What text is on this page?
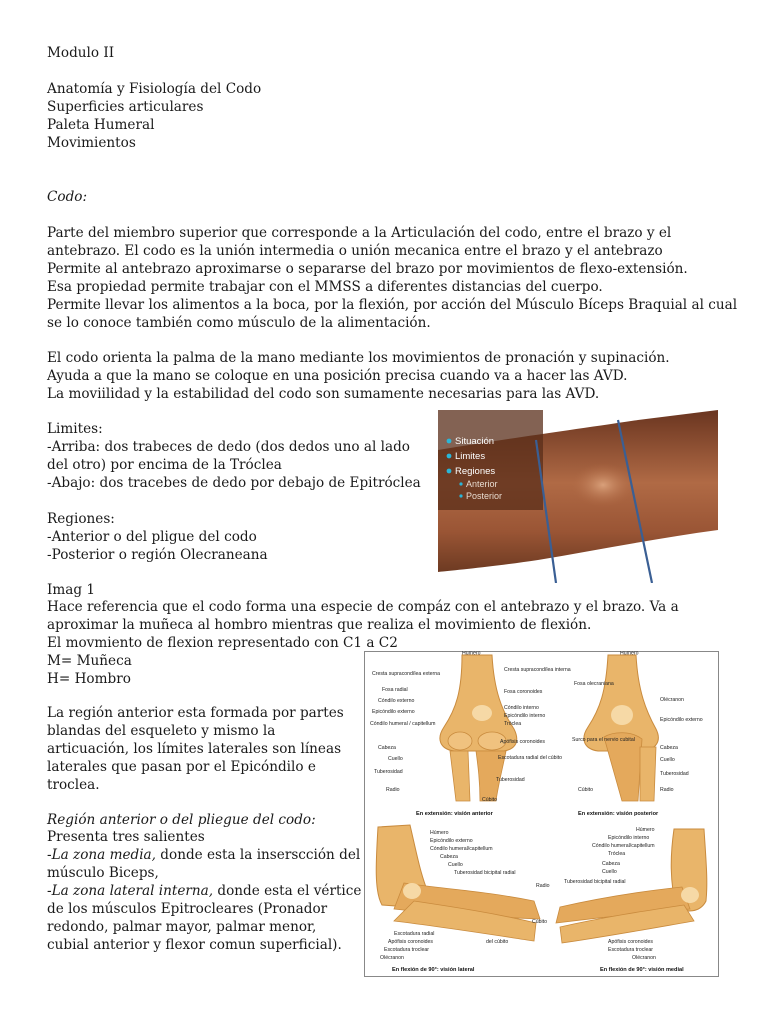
Modulo II
Anatomía y Fisiología del Codo
Superficies articulares
Paleta Humeral
Movimientos
Codo:
Parte del miembro superior que corresponde a la Articulación del codo, entre el brazo y el
antebrazo. El codo es la unión intermedia o unión mecanica entre el brazo y el antebrazo
Permite al antebrazo aproximarse o separarse del brazo por movimientos de flexo-extensión.
Esa propiedad permite trabajar con el MMSS a diferentes distancias del cuerpo.
Permite llevar los alimentos a la boca, por la flexión, por acción del Músculo Bíceps Braquial al cual
se lo conoce también como músculo de la alimentación.
El codo orienta la palma de la mano mediante los movimientos de pronación y supinación.
Ayuda a que la mano se coloque en una posición precisa cuando va a hacer las AVD.
La moviilidad y la estabilidad del codo son sumamente necesarias para las AVD.
Limites:
-Arriba: dos trabeces de dedo (dos dedos uno al lado
del otro) por encima de la Tróclea
-Abajo: dos tracebes de dedo por debajo de Epitróclea
Regiones:
-Anterior o del pligue del codo
-Posterior o región Olecraneana
Imag 1
Hace referencia que el codo forma una especie de compáz con el antebrazo y el brazo. Va a
aproximar la muñeca al hombro mientras que realiza el movimiento de flexión.
El movmiento de flexion representado con C1 a C2
M= Muñeca
H= Hombro
La región anterior esta formada por partes
blandas del esqueleto y mismo la
articuación, los límites laterales son líneas
laterales que pasan por el Epicóndilo e
troclea.
Región anterior o del pliegue del codo:
Presenta tres salientes
-La zona media, donde esta la inserscción del
músculo Biceps,
-La zona lateral interna, donde esta el vértice
de los músculos Epitrocleares (Pronador
redondo, palmar mayor, palmar menor,
cubial anterior y flexor comun superficial).
Situación
Limites
Regiones
Anterior
Posterior
Húmero
Cresta supracondílea externa
Fosa radial
Cóndilo externo
Epicóndilo externo
Cóndilo humeral / capitellum
Cabeza
Cuello
Tuberosidad
Radio
Cresta supracondílea interna
Fosa coronoides
Cóndilo interno
Epicóndilo interno
Tróclea
Apófisis coronoides
Escotadura radial del cúbito
Tuberosidad
Cúbito
En extensión: visión anterior
Húmero
Fosa olecraniana
Surco para el nervio cubital
Cúbito
Olécranon
Epicóndilo externo
Cabeza
Cuello
Tuberosidad
Radio
En extensión: visión posterior
Húmero
Epicóndilo externo
Cóndilo humeral/capitellum
Cabeza
Cuello
Tuberosidad bicipital radial
Radio
Cúbito
Escotadura radial
Apófisis coronoides
Escotadura troclear
Olécranon
del cúbito
En flexión de 90°: visión lateral
Húmero
Epicóndilo interno
Cóndilo humeral/capitellum
Tróclea
Cabeza
Cuello
Tuberosidad bicipital radial
Apófisis coronoides
Escotadura troclear
Olécranon
En flexión de 90°: visión medial
